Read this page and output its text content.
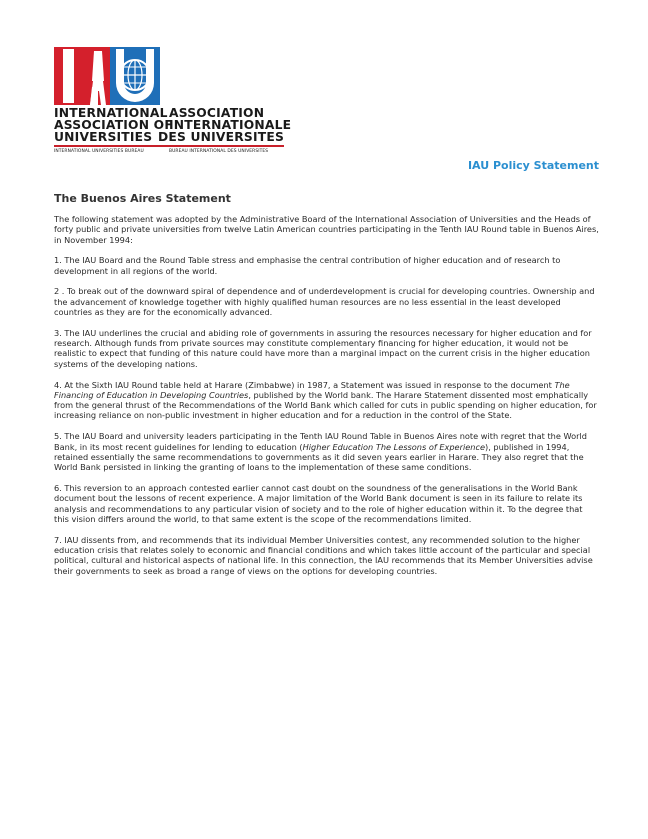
INTERNATIONAL ASSOCIATION
ASSOCIATION OF
INTERNATIONALE
UNIVERSITIES DES UNIVERSITES
INTERNATIONAL UNIVERSITIES BUREAU	BUREAU INTERNATIONAL DES UNIVERSITES
IAU Policy Statement
The Buenos Aires Statement

The following statement was adopted by the Administrative Board of the International Association of Universities and the Heads of forty public and private universities from twelve Latin American countries participating in the Tenth IAU Round table in Buenos Aires, in November 1994:

1. The IAU Board and the Round Table stress and emphasise the central contribution of higher education and of research to development in all regions of the world.

2 . To break out of the downward spiral of dependence and of underdevelopment is crucial for developing countries. Ownership and the advancement of knowledge together with highly qualified human resources are no less essential in the least developed countries as they are for the economically advanced.

3. The IAU underlines the crucial and abiding role of governments in assuring the resources necessary for higher education and for research. Although funds from private sources may constitute complementary financing for higher education, it would not be realistic to expect that funding of this nature could have more than a marginal impact on the current crisis in the higher education systems of the developing nations.

4. At the Sixth IAU Round table held at Harare (Zimbabwe) in 1987, a Statement was issued in response to the document The Financing of Education in Developing Countries, published by the World bank. The Harare Statement dissented most emphatically from the general thrust of the Recommendations of the World Bank which called for cuts in public spending on higher education, for increasing reliance on non-public investment in higher education and for a reduction in the control of the State.

5. The IAU Board and university leaders participating in the Tenth IAU Round Table in Buenos Aires note with regret that the World Bank, in its most recent guidelines for lending to education (Higher Education The Lessons of Experience), published in 1994, retained essentially the same recommendations to governments as it did seven years earlier in Harare. They also regret that the World Bank persisted in linking the granting of loans to the implementation of these same conditions.

6. This reversion to an approach contested earlier cannot cast doubt on the soundness of the generalisations in the World Bank document bout the lessons of recent experience. A major limitation of the World Bank document is seen in its failure to relate its analysis and recommendations to any particular vision of society and to the role of higher education within it. To the degree that this vision differs around the world, to that same extent is the scope of the recommendations limited.

7. IAU dissents from, and recommends that its individual Member Universities contest, any recommended solution to the higher education crisis that relates solely to economic and financial conditions and which takes little account of the particular and special political, cultural and historical aspects of national life. In this connection, the IAU recommends that its Member Universities advise their governments to seek as broad a range of views on the options for developing countries.
